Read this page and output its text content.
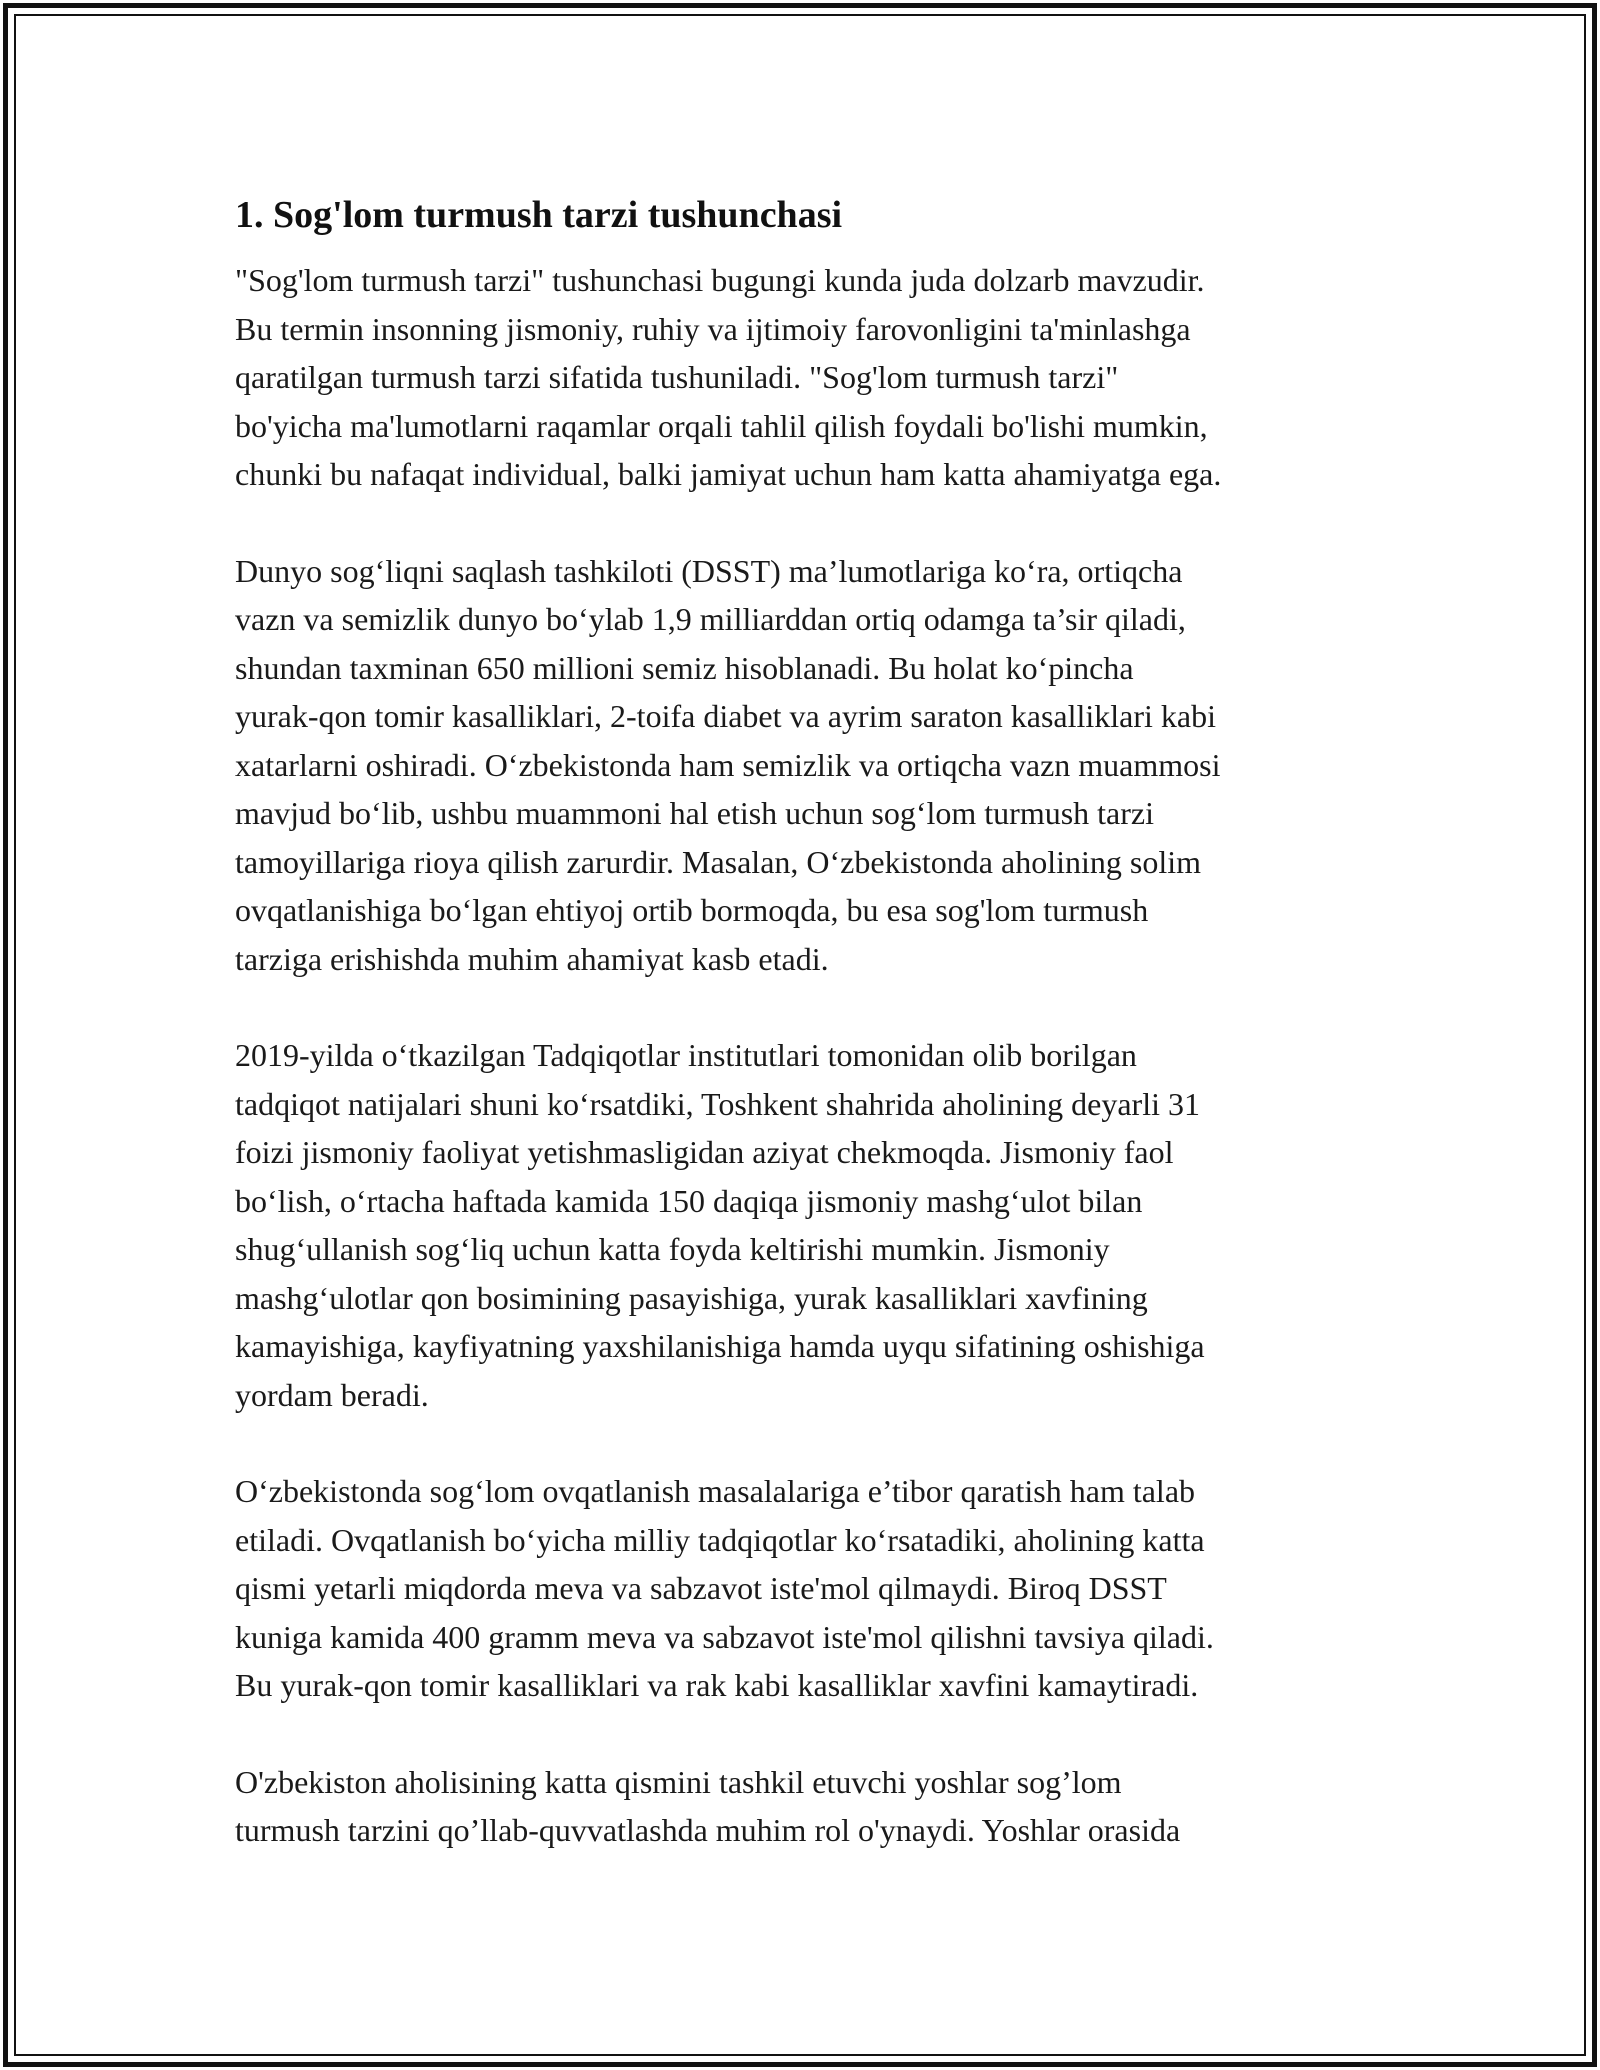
1. Sog'lom turmush tarzi tushunchasi

"Sog'lom turmush tarzi" tushunchasi bugungi kunda juda dolzarb mavzudir.
Bu termin insonning jismoniy, ruhiy va ijtimoiy farovonligini ta'minlashga
qaratilgan turmush tarzi sifatida tushuniladi. "Sog'lom turmush tarzi"
bo'yicha ma'lumotlarni raqamlar orqali tahlil qilish foydali bo'lishi mumkin,
chunki bu nafaqat individual, balki jamiyat uchun ham katta ahamiyatga ega.

Dunyo sog‘liqni saqlash tashkiloti (DSST) ma’lumotlariga ko‘ra, ortiqcha
vazn va semizlik dunyo bo‘ylab 1,9 milliarddan ortiq odamga ta’sir qiladi,
shundan taxminan 650 millioni semiz hisoblanadi. Bu holat ko‘pincha
yurak-qon tomir kasalliklari, 2-toifa diabet va ayrim saraton kasalliklari kabi
xatarlarni oshiradi. O‘zbekistonda ham semizlik va ortiqcha vazn muammosi
mavjud bo‘lib, ushbu muammoni hal etish uchun sog‘lom turmush tarzi
tamoyillariga rioya qilish zarurdir. Masalan, O‘zbekistonda aholining solim
ovqatlanishiga bo‘lgan ehtiyoj ortib bormoqda, bu esa sog'lom turmush
tarziga erishishda muhim ahamiyat kasb etadi.

2019-yilda o‘tkazilgan Tadqiqotlar institutlari tomonidan olib borilgan
tadqiqot natijalari shuni ko‘rsatdiki, Toshkent shahrida aholining deyarli 31
foizi jismoniy faoliyat yetishmasligidan aziyat chekmoqda. Jismoniy faol
bo‘lish, o‘rtacha haftada kamida 150 daqiqa jismoniy mashg‘ulot bilan
shug‘ullanish sog‘liq uchun katta foyda keltirishi mumkin. Jismoniy
mashg‘ulotlar qon bosimining pasayishiga, yurak kasalliklari xavfining
kamayishiga, kayfiyatning yaxshilanishiga hamda uyqu sifatining oshishiga
yordam beradi.

O‘zbekistonda sog‘lom ovqatlanish masalalariga e’tibor qaratish ham talab
etiladi. Ovqatlanish bo‘yicha milliy tadqiqotlar ko‘rsatadiki, aholining katta
qismi yetarli miqdorda meva va sabzavot iste'mol qilmaydi. Biroq DSST
kuniga kamida 400 gramm meva va sabzavot iste'mol qilishni tavsiya qiladi.
Bu yurak-qon tomir kasalliklari va rak kabi kasalliklar xavfini kamaytiradi.

O'zbekiston aholisining katta qismini tashkil etuvchi yoshlar sog’lom
turmush tarzini qo’llab-quvvatlashda muhim rol o'ynaydi. Yoshlar orasida
